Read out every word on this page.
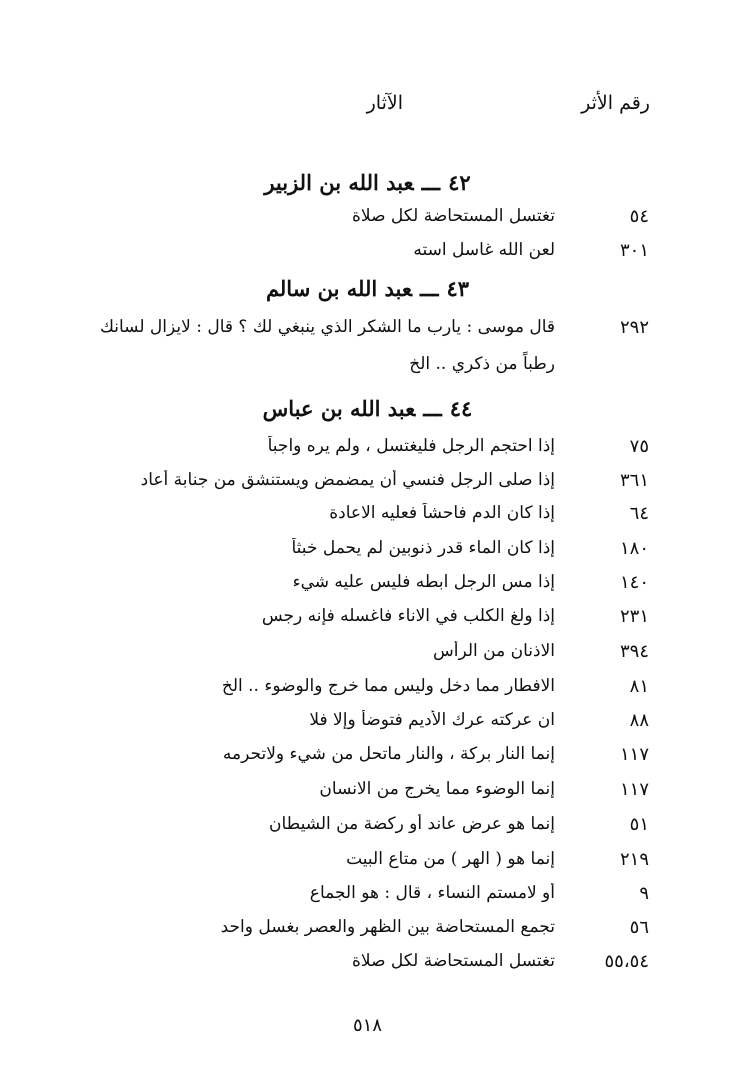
رقم الأثر
الآثار
٤٢ـــعبد الله بن الزبير
٥٤
تغتسل المستحاضة لكل صلاة
٣٠١
لعن الله غاسل استه
٤٣ـــعبد الله بن سالم
٢٩٢
قال موسى : يارب ما الشكر الذي ينبغي لك ؟ قال : لايزال لسانك
رطباً من ذكري .. الخ
٤٤ـــعبد الله بن عباس
٧٥
إذا احتجم الرجل فليغتسل ، ولم يره واجباً
٣٦١
إذا صلى الرجل فنسي أن يمضمض ويستنشق من جنابة أعاد
٦٤
إذا كان الدم فاحشاً فعليه الاعادة
١٨٠
إذا كان الماء قدر ذنوبين لم يحمل خبثاً
١٤٠
إذا مس الرجل ابطه فليس عليه شيء
٢٣١
إذا ولغ الكلب في الاناء فاغسله فإنه رجس
٣٩٤
الاذنان من الرأس
٨١
الافطار مما دخل وليس مما خرج والوضوء .. الخ
٨٨
ان عركته عرك الأديم فتوضأ وإلا فلا
١١٧
إنما النار بركة ، والنار ماتحل من شيء ولاتحرمه
١١٧
إنما الوضوء مما يخرج من الانسان
٥١
إنما هو عرض عاند أو ركضة من الشيطان
٢١٩
إنما هو ( الهر ) من متاع البيت
٩
أو لامستم النساء ، قال : هو الجماع
٥٦
تجمع المستحاضة بين الظهر والعصر بغسل واحد
٥٥،٥٤
تغتسل المستحاضة لكل صلاة
٥١٨
